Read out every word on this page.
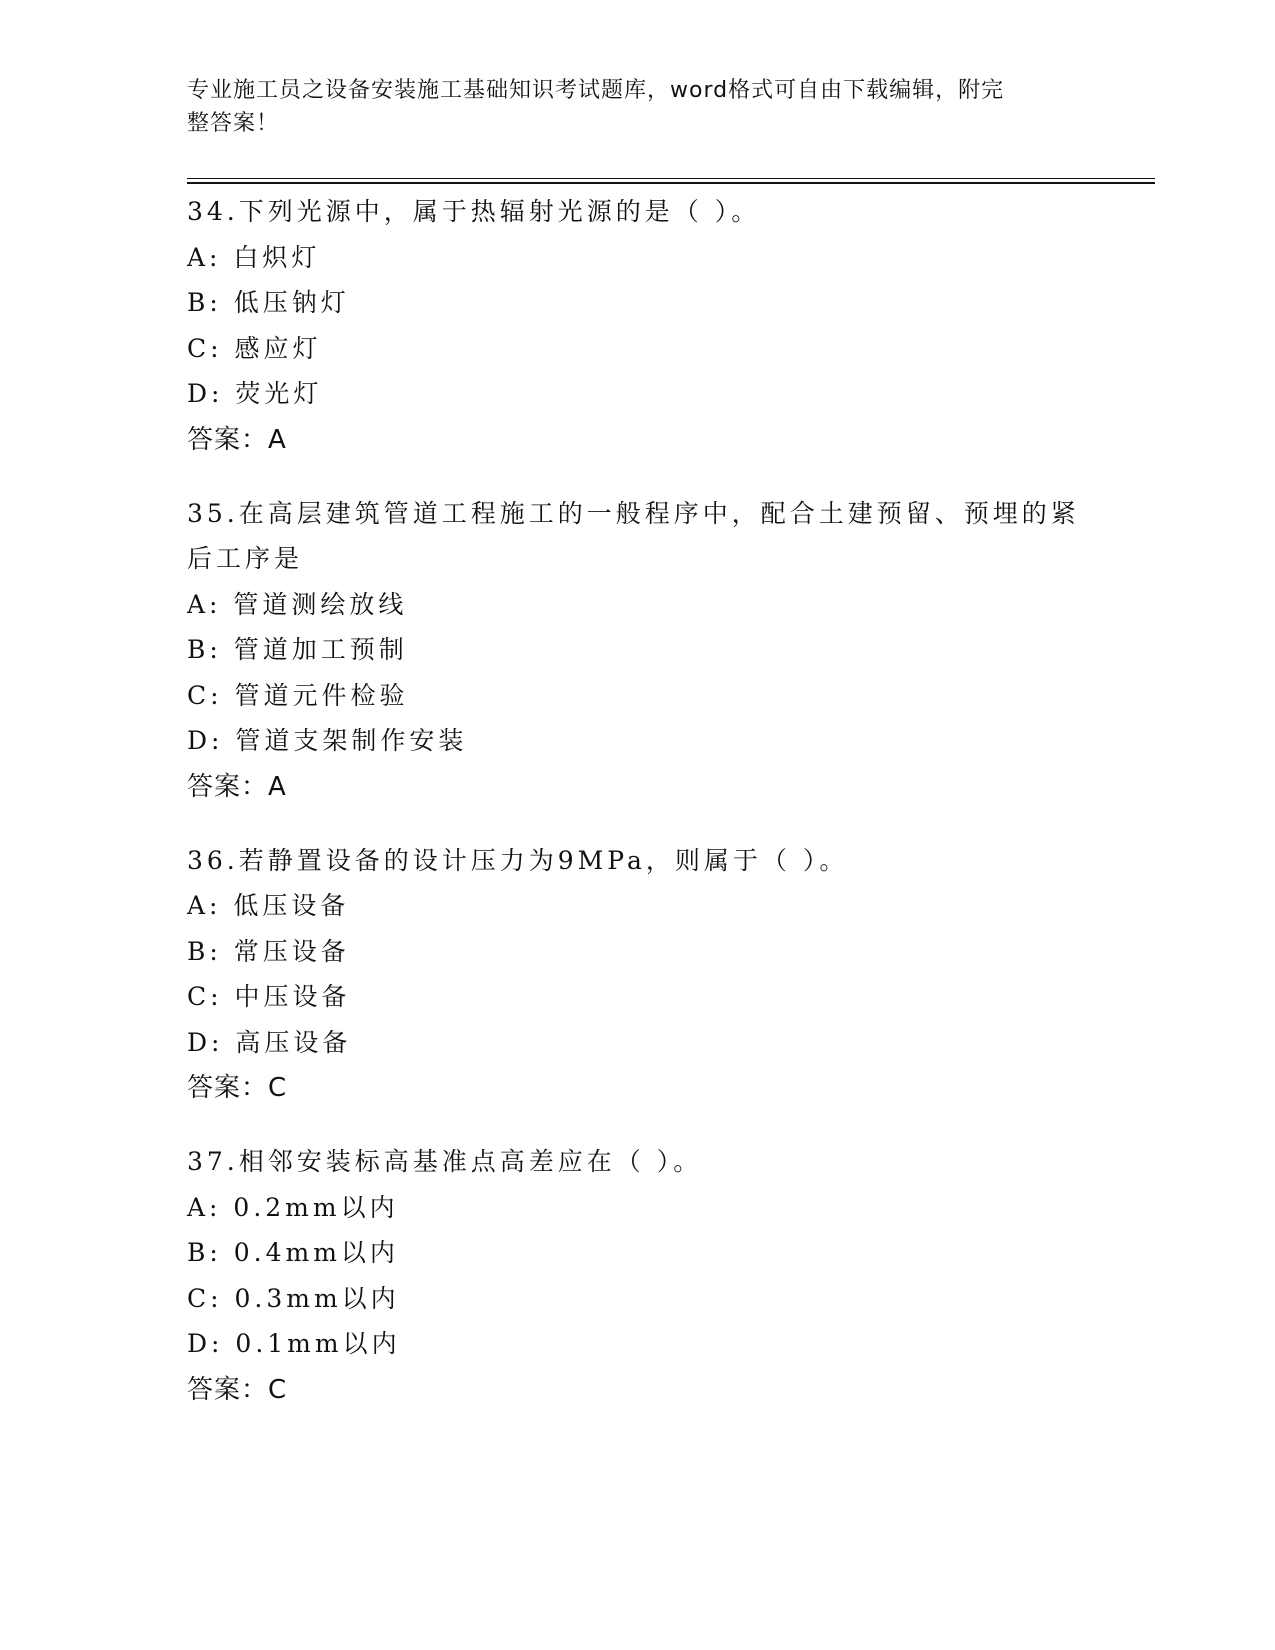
专业施工员之设备安装施工基础知识考试题库，word格式可自由下载编辑，附完
整答案！
34.下列光源中，属于热辐射光源的是（ ）。
A: 白炽灯
B: 低压钠灯
C: 感应灯
D: 荧光灯
答案：A
35.在高层建筑管道工程施工的一般程序中，配合土建预留、预埋的紧
后工序是
A: 管道测绘放线
B: 管道加工预制
C: 管道元件检验
D: 管道支架制作安装
答案：A
36.若静置设备的设计压力为9MPa，则属于（ ）。
A: 低压设备
B: 常压设备
C: 中压设备
D: 高压设备
答案：C
37.相邻安装标高基准点高差应在（ ）。
A: 0.2mm以内
B: 0.4mm以内
C: 0.3mm以内
D: 0.1mm以内
答案：C
